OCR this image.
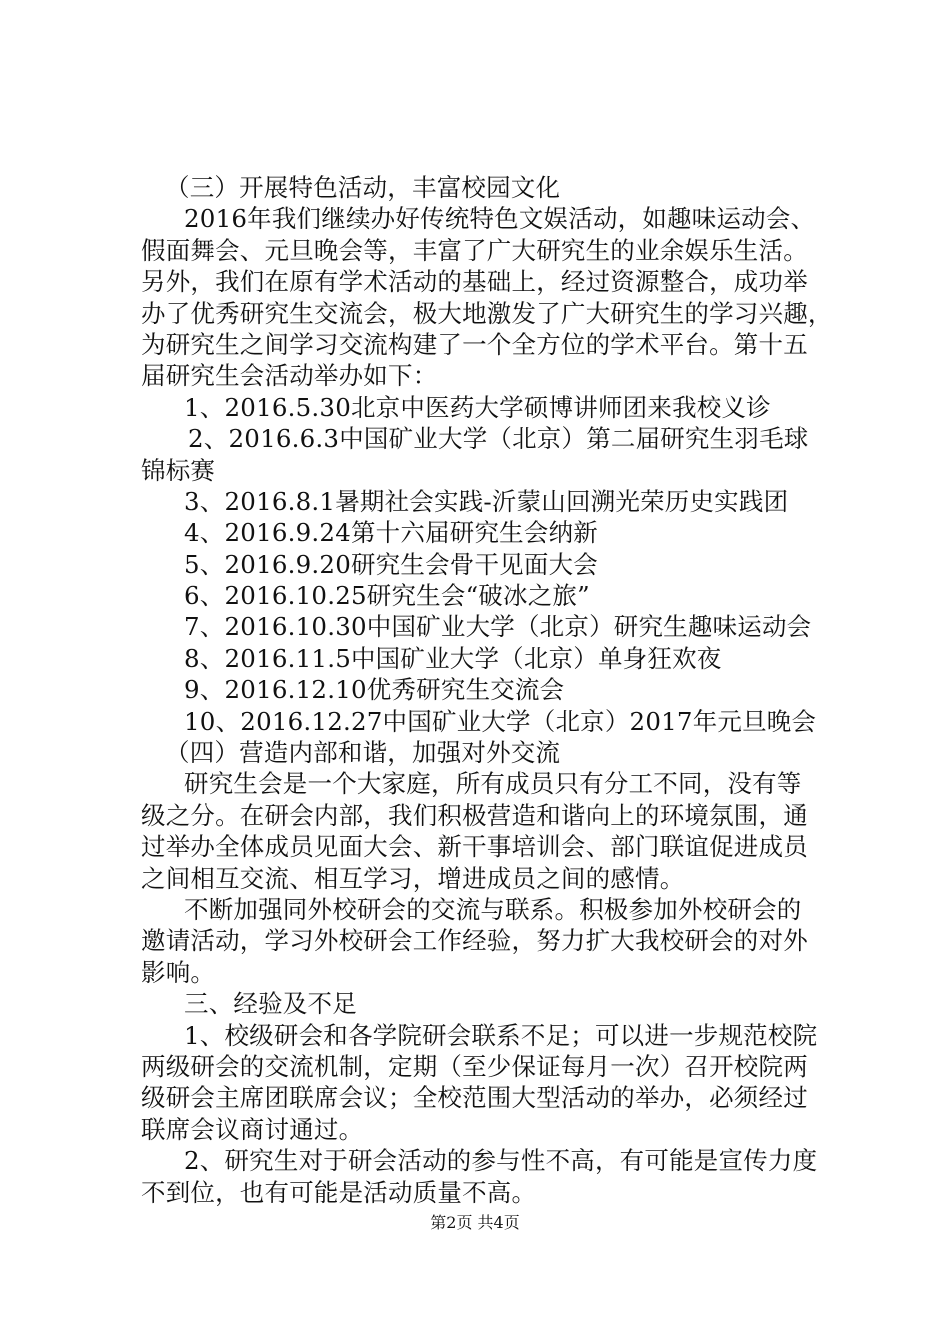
（三）开展特色活动，丰富校园文化
2016年我们继续办好传统特色文娱活动，如趣味运动会、
假面舞会、元旦晚会等，丰富了广大研究生的业余娱乐生活。
另外，我们在原有学术活动的基础上，经过资源整合，成功举
办了优秀研究生交流会，极大地激发了广大研究生的学习兴趣，
为研究生之间学习交流构建了一个全方位的学术平台。第十五
届研究生会活动举办如下：
1、2016.5.30北京中医药大学硕博讲师团来我校义诊
2、2016.6.3中国矿业大学（北京）第二届研究生羽毛球
锦标赛
3、2016.8.1暑期社会实践-沂蒙山回溯光荣历史实践团
4、2016.9.24第十六届研究生会纳新
5、2016.9.20研究生会骨干见面大会
6、2016.10.25研究生会“破冰之旅”
7、2016.10.30中国矿业大学（北京）研究生趣味运动会
8、2016.11.5中国矿业大学（北京）单身狂欢夜
9、2016.12.10优秀研究生交流会
10、2016.12.27中国矿业大学（北京）2017年元旦晚会
（四）营造内部和谐，加强对外交流
研究生会是一个大家庭，所有成员只有分工不同，没有等
级之分。在研会内部，我们积极营造和谐向上的环境氛围，通
过举办全体成员见面大会、新干事培训会、部门联谊促进成员
之间相互交流、相互学习，增进成员之间的感情。
不断加强同外校研会的交流与联系。积极参加外校研会的
邀请活动，学习外校研会工作经验，努力扩大我校研会的对外
影响。
三、经验及不足
1、校级研会和各学院研会联系不足；可以进一步规范校院
两级研会的交流机制，定期（至少保证每月一次）召开校院两
级研会主席团联席会议；全校范围大型活动的举办，必须经过
联席会议商讨通过。
2、研究生对于研会活动的参与性不高，有可能是宣传力度
不到位，也有可能是活动质量不高。
第2页 共4页
